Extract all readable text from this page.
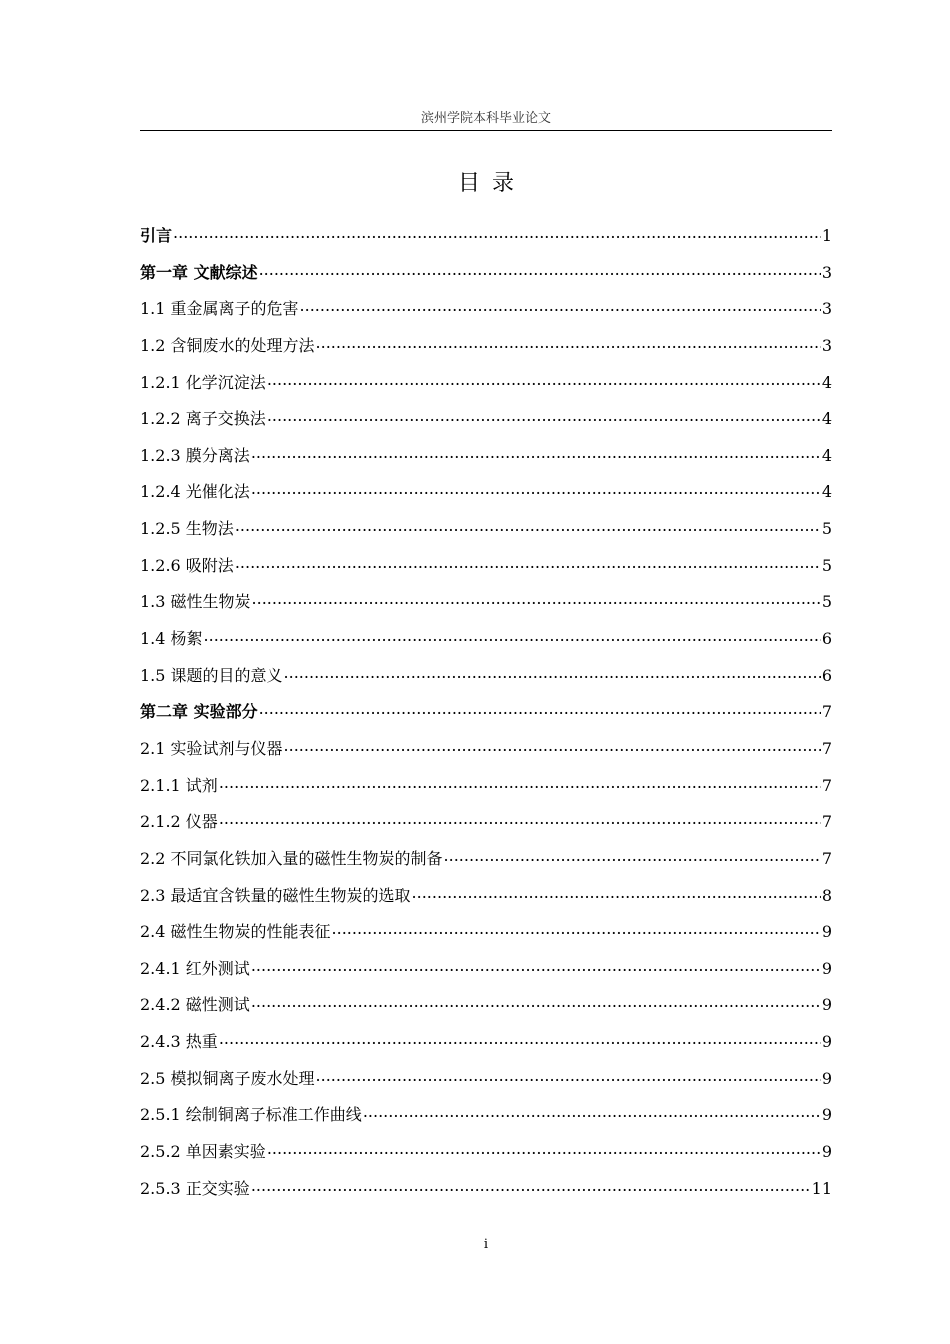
滨州学院本科毕业论文
目录
引言 .....	1
第一章 文献综述 .....	3
1.1 重金属离子的危害 .....	3
1.2 含铜废水的处理方法 .....	3
1.2.1 化学沉淀法 .....	4
1.2.2 离子交换法 .....	4
1.2.3 膜分离法 .....	4
1.2.4 光催化法 .....	4
1.2.5 生物法 .....	5
1.2.6 吸附法 .....	5
1.3 磁性生物炭 .....	5
1.4 杨絮 .....	6
1.5 课题的目的意义 .....	6
第二章 实验部分 .....	7
2.1 实验试剂与仪器 .....	7
2.1.1 试剂 .....	7
2.1.2 仪器 .....	7
2.2 不同氯化铁加入量的磁性生物炭的制备 .....	7
2.3 最适宜含铁量的磁性生物炭的选取 .....	8
2.4 磁性生物炭的性能表征 .....	9
2.4.1 红外测试 .....	9
2.4.2 磁性测试 .....	9
2.4.3 热重 .....	9
2.5 模拟铜离子废水处理 .....	9
2.5.1 绘制铜离子标准工作曲线 .....	9
2.5.2 单因素实验 .....	9
2.5.3 正交实验 .....	11
i
